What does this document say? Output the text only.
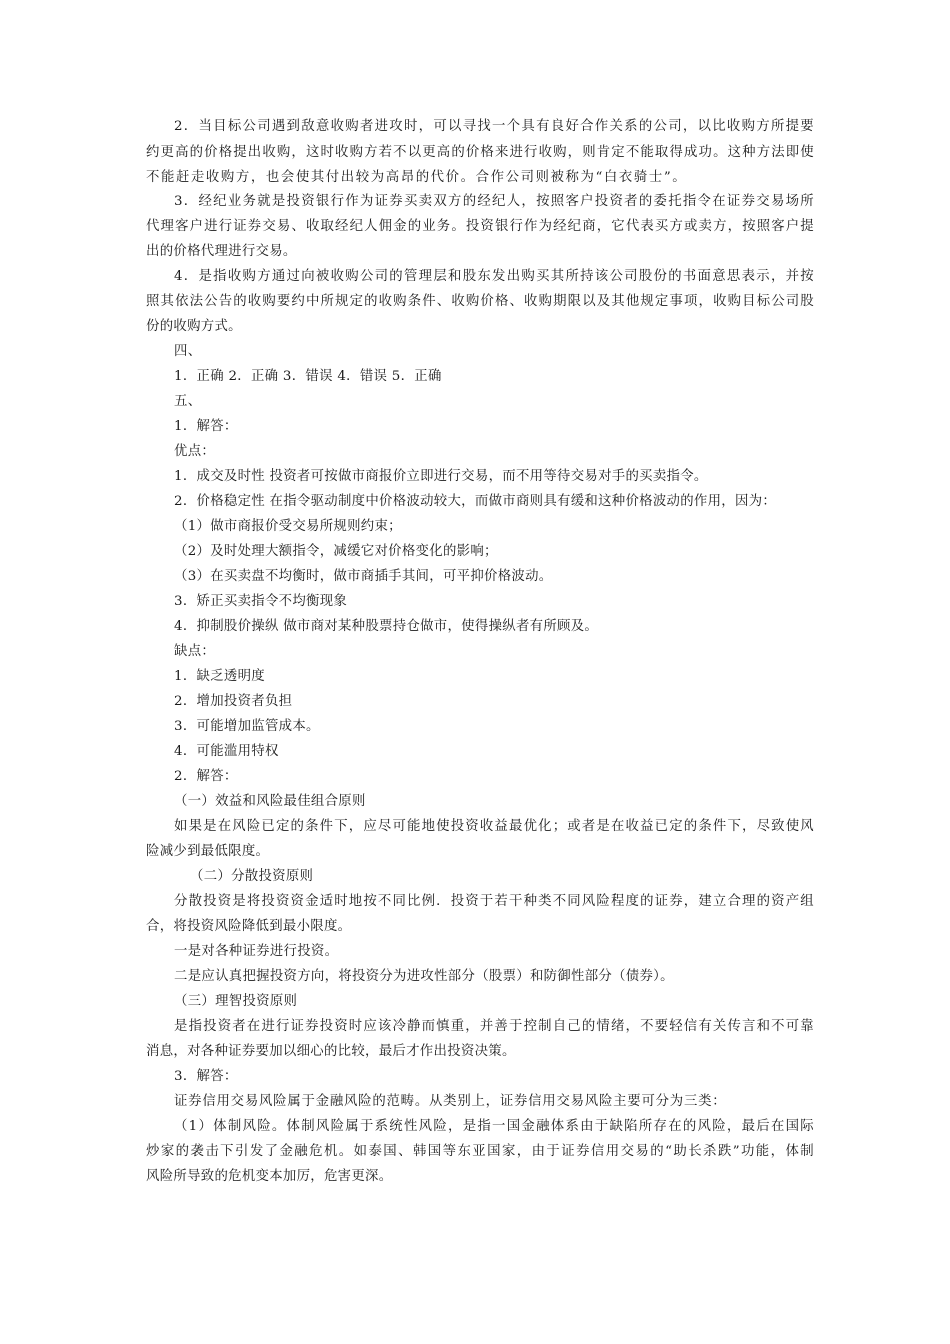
2．当目标公司遇到敌意收购者进攻时，可以寻找一个具有良好合作关系的公司，以比收购方所提要
约更高的价格提出收购，这时收购方若不以更高的价格来进行收购，则肯定不能取得成功。这种方法即使
不能赶走收购方，也会使其付出较为高昂的代价。合作公司则被称为“白衣骑士”。
3．经纪业务就是投资银行作为证券买卖双方的经纪人，按照客户投资者的委托指令在证券交易场所
代理客户进行证券交易、收取经纪人佣金的业务。投资银行作为经纪商，它代表买方或卖方，按照客户提
出的价格代理进行交易。
4．是指收购方通过向被收购公司的管理层和股东发出购买其所持该公司股份的书面意思表示，并按
照其依法公告的收购要约中所规定的收购条件、收购价格、收购期限以及其他规定事项，收购目标公司股
份的收购方式。
四、
1．正确 2．正确 3．错误 4．错误 5．正确
五、
1．解答：
优点：
1．成交及时性 投资者可按做市商报价立即进行交易，而不用等待交易对手的买卖指令。
2．价格稳定性 在指令驱动制度中价格波动较大，而做市商则具有缓和这种价格波动的作用，因为：
（1）做市商报价受交易所规则约束；
（2）及时处理大额指令，减缓它对价格变化的影响；
（3）在买卖盘不均衡时，做市商插手其间，可平抑价格波动。
3．矫正买卖指令不均衡现象
4．抑制股价操纵 做市商对某种股票持仓做市，使得操纵者有所顾及。
缺点：
1．缺乏透明度
2．增加投资者负担
3．可能增加监管成本。
4．可能滥用特权
2．解答：
（一）效益和风险最佳组合原则
如果是在风险已定的条件下，应尽可能地使投资收益最优化；或者是在收益已定的条件下，尽致使风
险减少到最低限度。
（二）分散投资原则
分散投资是将投资资金适时地按不同比例．投资于若干种类不同风险程度的证券，建立合理的资产组
合，将投资风险降低到最小限度。
一是对各种证券进行投资。
二是应认真把握投资方向，将投资分为进攻性部分（股票）和防御性部分（债券）。
（三）理智投资原则
是指投资者在进行证券投资时应该冷静而慎重，并善于控制自己的情绪，不要轻信有关传言和不可靠
消息，对各种证券要加以细心的比较，最后才作出投资决策。
3．解答：
证券信用交易风险属于金融风险的范畴。从类别上，证券信用交易风险主要可分为三类：
（1）体制风险。体制风险属于系统性风险，是指一国金融体系由于缺陷所存在的风险，最后在国际
炒家的袭击下引发了金融危机。如泰国、韩国等东亚国家，由于证券信用交易的“助长杀跌”功能，体制
风险所导致的危机变本加厉，危害更深。
